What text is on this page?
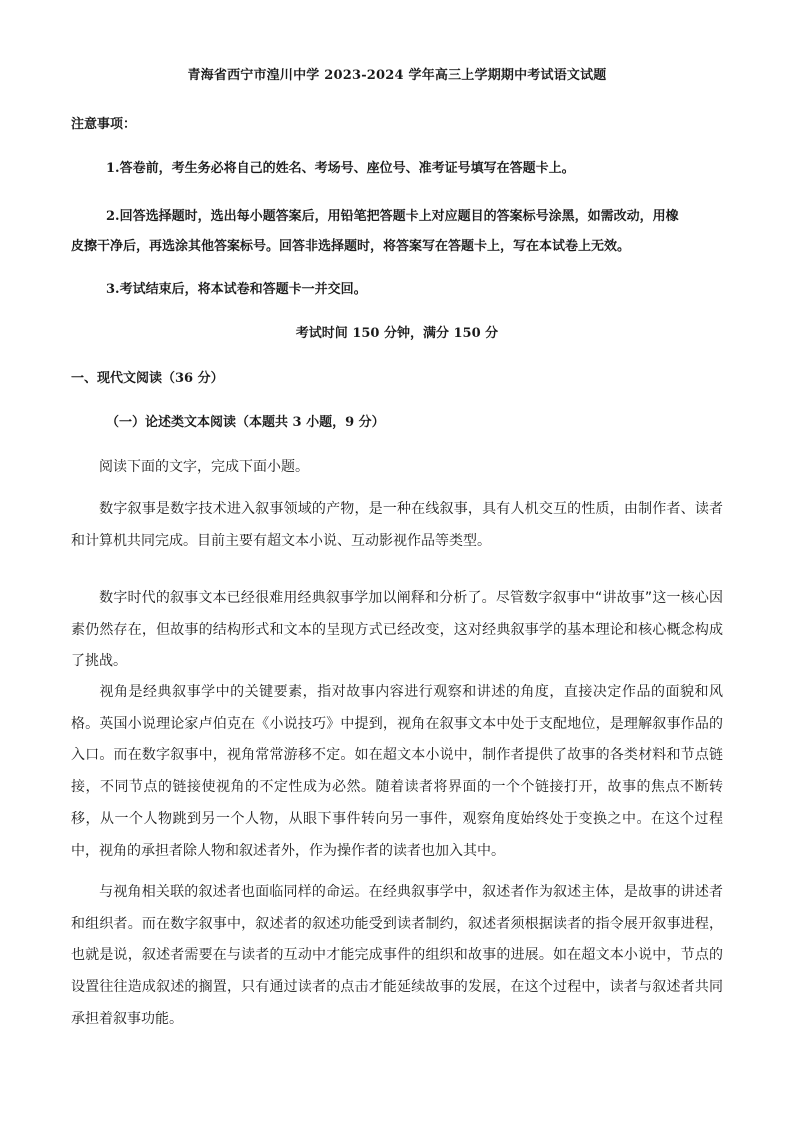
青海省西宁市湟川中学 2023-2024 学年高三上学期期中考试语文试题
注意事项：
1.答卷前，考生务必将自己的姓名、考场号、座位号、准考证号填写在答题卡上。
2.回答选择题时，选出每小题答案后，用铅笔把答题卡上对应题目的答案标号涂黑，如需改动，用橡
皮擦干净后，再选涂其他答案标号。回答非选择题时，将答案写在答题卡上，写在本试卷上无效。
3.考试结束后，将本试卷和答题卡一并交回。
考试时间 150 分钟，满分 150 分
一、现代文阅读（36 分）
（一）论述类文本阅读（本题共 3 小题，9 分）
阅读下面的文字，完成下面小题。
数字叙事是数字技术进入叙事领域的产物，是一种在线叙事，具有人机交互的性质，由制作者、读者和计算机共同完成。目前主要有超文本小说、互动影视作品等类型。
数字时代的叙事文本已经很难用经典叙事学加以阐释和分析了。尽管数字叙事中“讲故事”这一核心因素仍然存在，但故事的结构形式和文本的呈现方式已经改变，这对经典叙事学的基本理论和核心概念构成了挑战。
视角是经典叙事学中的关键要素，指对故事内容进行观察和讲述的角度，直接决定作品的面貌和风格。英国小说理论家卢伯克在《小说技巧》中提到，视角在叙事文本中处于支配地位，是理解叙事作品的入口。而在数字叙事中，视角常常游移不定。如在超文本小说中，制作者提供了故事的各类材料和节点链接，不同节点的链接使视角的不定性成为必然。随着读者将界面的一个个链接打开，故事的焦点不断转移，从一个人物跳到另一个人物，从眼下事件转向另一事件，观察角度始终处于变换之中。在这个过程中，视角的承担者除人物和叙述者外，作为操作者的读者也加入其中。
与视角相关联的叙述者也面临同样的命运。在经典叙事学中，叙述者作为叙述主体，是故事的讲述者和组织者。而在数字叙事中，叙述者的叙述功能受到读者制约，叙述者须根据读者的指令展开叙事进程，也就是说，叙述者需要在与读者的互动中才能完成事件的组织和故事的进展。如在超文本小说中，节点的设置往往造成叙述的搁置，只有通过读者的点击才能延续故事的发展，在这个过程中，读者与叙述者共同承担着叙事功能。
